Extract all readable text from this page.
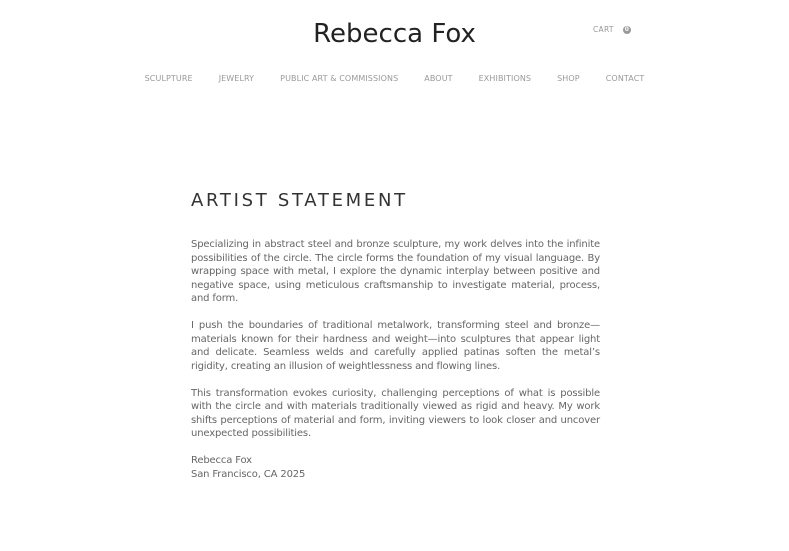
Rebecca Fox	CART	0
SCULPTURE	JEWELRY	PUBLIC ART & COMMISSIONS	ABOUT	EXHIBITIONS	SHOP	CONTACT
ARTIST STATEMENT

Specializing in abstract steel and bronze sculpture, my work delves into the infinite possibilities of the circle. The circle forms the foundation of my visual language. By wrapping space with metal, I explore the dynamic interplay between positive and negative space, using meticulous craftsmanship to investigate material, process, and form.

I push the boundaries of traditional metalwork, transforming steel and bronze—materials known for their hardness and weight—into sculptures that appear light and delicate. Seamless welds and carefully applied patinas soften the metal’s rigidity, creating an illusion of weightlessness and flowing lines.

This transformation evokes curiosity, challenging perceptions of what is possible with the circle and with materials traditionally viewed as rigid and heavy. My work shifts perceptions of material and form, inviting viewers to look closer and uncover unexpected possibilities.

Rebecca Fox

San Francisco, CA 2025
